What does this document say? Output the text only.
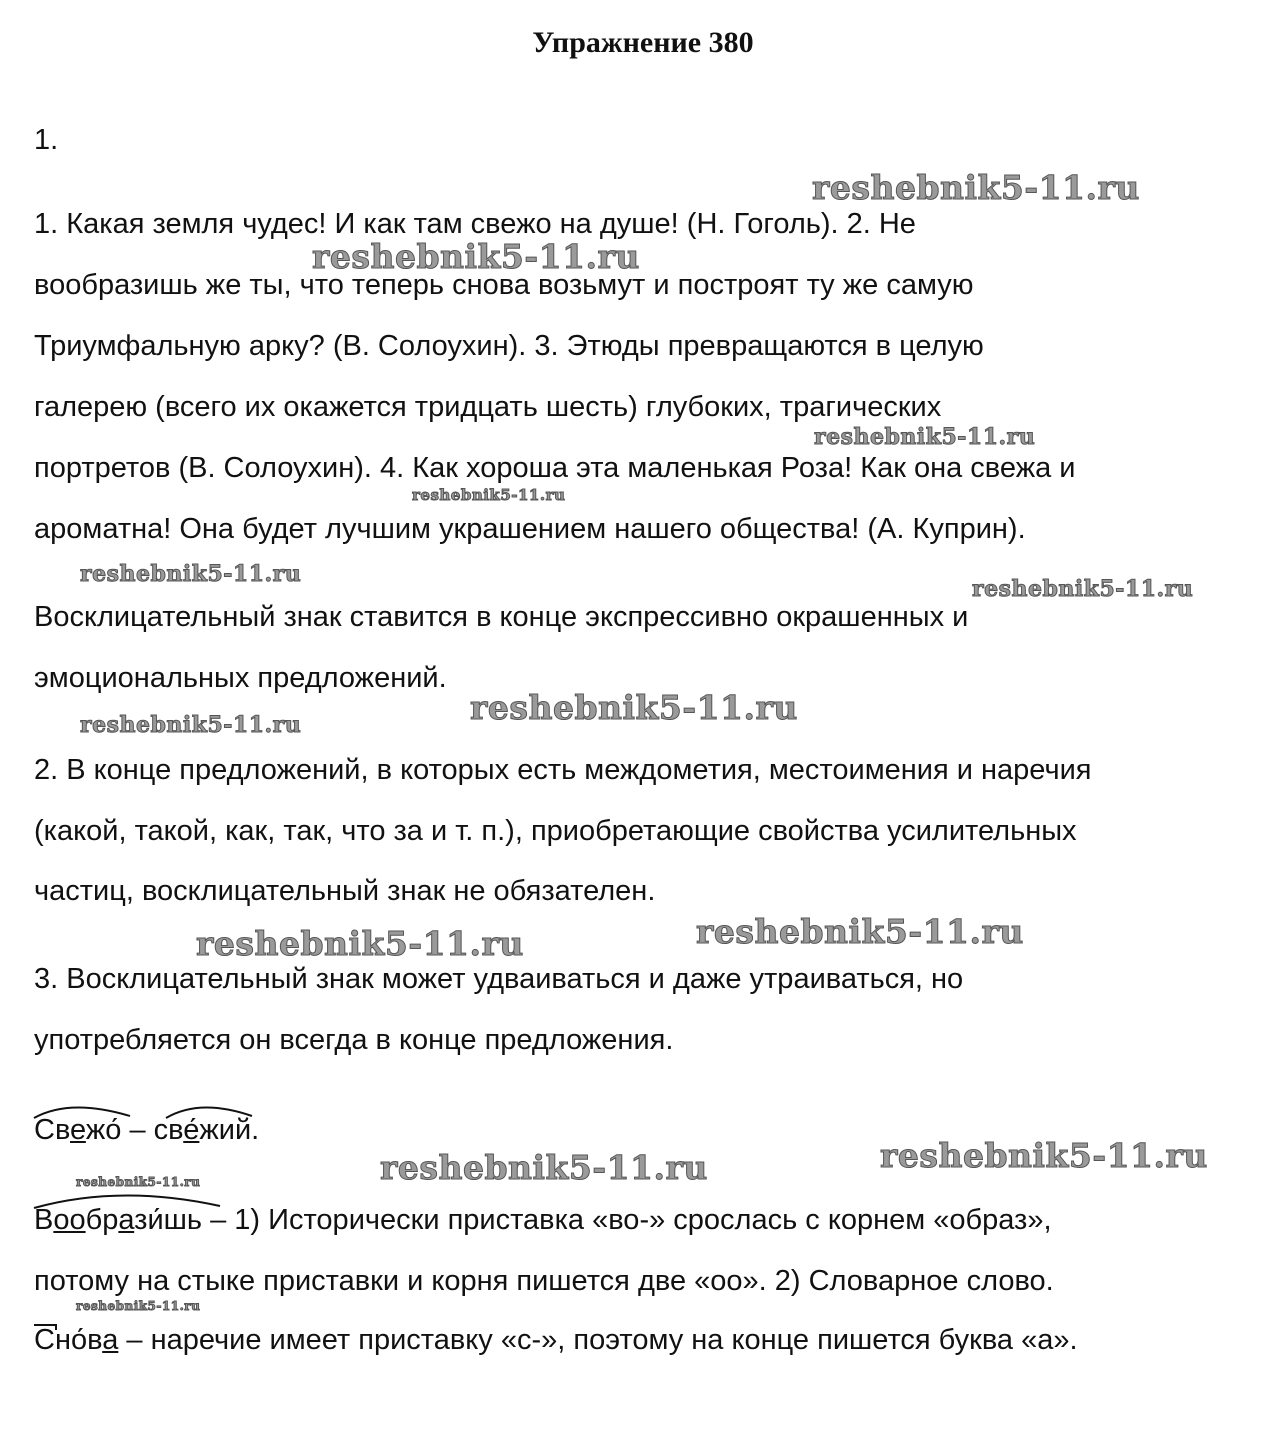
Упражнение 380
1.
1. Какая земля чудес! И как там свежо на душе! (Н. Гоголь). 2. Не
вообразишь же ты, что теперь снова возьмут и построят ту же самую
Триумфальную арку? (В. Солоухин). 3. Этюды превращаются в целую
галерею (всего их окажется тридцать шесть) глубоких, трагических
портретов (В. Солоухин). 4. Как хороша эта маленькая Роза! Как она свежа и
ароматна! Она будет лучшим украшением нашего общества! (А. Куприн).
Восклицательный знак ставится в конце экспрессивно окрашенных и
эмоциональных предложений.
2. В конце предложений, в которых есть междометия, местоимения и наречия
(какой, такой, как, так, что за и т. п.), приобретающие свойства усилительных
частиц, восклицательный знак не обязателен.
3. Восклицательный знак может удваиваться и даже утраиваться, но
употребляется он всегда в конце предложения.
Свежо́ – све́жий.
Вообрази́шь – 1) Исторически приставка «во-» срослась с корнем «образ»,
потому на стыке приставки и корня пишется две «оо». 2) Словарное слово.
Сно́ва – наречие имеет приставку «с-», поэтому на конце пишется буква «а».
reshebnik5-11.ru
reshebnik5-11.ru
reshebnik5-11.ru
reshebnik5-11.ru
reshebnik5-11.ru
reshebnik5-11.ru
reshebnik5-11.ru	reshebnik5-11.ru
reshebnik5-11.ru	reshebnik5-11.ru
reshebnik5-11.ru	reshebnik5-11.ru
reshebnik5-11.ru
reshebnik5-11.ru
